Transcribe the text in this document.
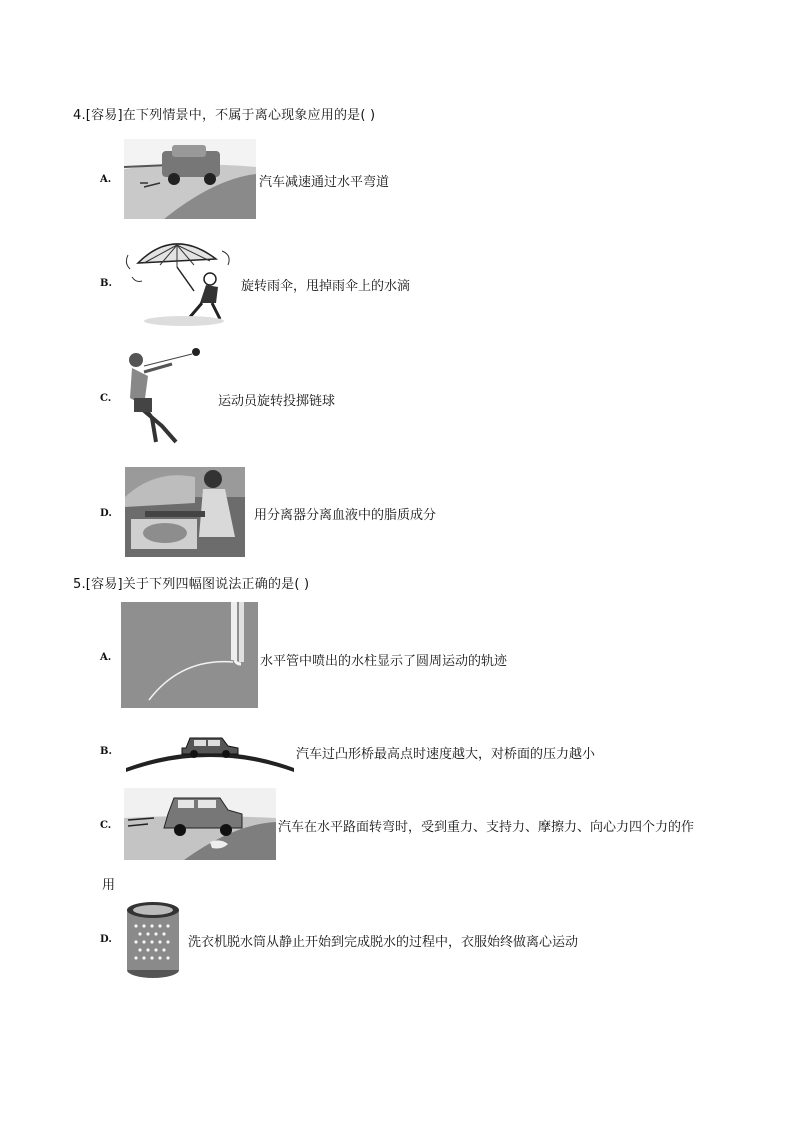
4.[容易]在下列情景中，不属于离心现象应用的是( )
A.	汽车减速通过水平弯道
B.	旋转雨伞，甩掉雨伞上的水滴
C.	运动员旋转投掷链球
D.	用分离器分离血液中的脂质成分
5.[容易]关于下列四幅图说法正确的是( )
A.	水平管中喷出的水柱显示了圆周运动的轨迹
B.	汽车过凸形桥最高点时速度越大，对桥面的压力越小
C.	汽车在水平路面转弯时，受到重力、支持力、摩擦力、向心力四个力的作
用
D.	洗衣机脱水筒从静止开始到完成脱水的过程中，衣服始终做离心运动
